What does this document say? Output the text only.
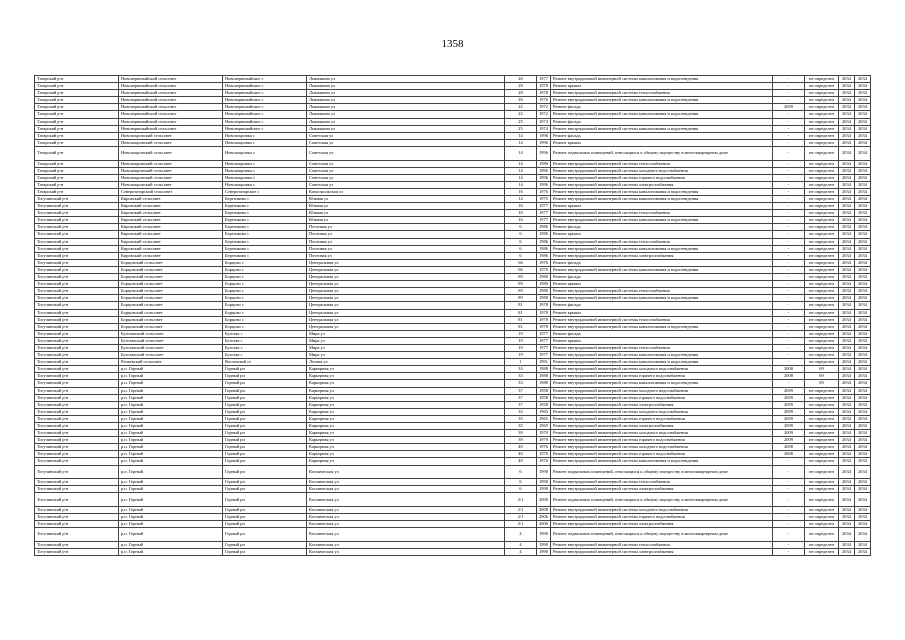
1358
Татарский р-н	Новопервомайский сельсовет	Новопервомайское с	Лыкачкина ул	26	1977	Ремонт внутридомовой инженерной системы канализования и водоотведения	-	не определен	2034	2034
Татарский р-н	Новопервомайский сельсовет	Новопервомайское с	Лыкачкина ул	28	1978	Ремонт крыши	-	не определен	2034	2034
Татарский р-н	Новопервомайский сельсовет	Новопервомайское с	Лыкачкина ул	28	1978	Ремонт внутридомовой инженерной системы теплоснабжения	-	не определен	2034	2034
Татарский р-н	Новопервомайский сельсовет	Новопервомайское с	Лыкачкина ул	26	1976	Ремонт внутридомовой инженерной системы канализования и водоотведения	-	не определен	2034	2034
Татарский р-н	Новопервомайский сельсовет	Новопервомайское с	Лыкачкина ул	22	1972	Ремонт фасада	2009	не определен	2034	2034
Татарский р-н	Новопервомайский сельсовет	Новопервомайское с	Лыкачкина ул	22	1972	Ремонт внутридомовой инженерной системы канализования и водоотведения	-	не определен	2034	2034
Татарский р-н	Новопервомайский сельсовет	Новопервомайское с	Лыкачкина ул	25	1974	Ремонт фасада	-	не определен	2034	2034
Татарский р-н	Новопервомайский сельсовет	Новопервомайское с	Лыкачкина ул	25	1974	Ремонт внутридомовой инженерной системы канализования и водоотведения	-	не определен	2034	2034
Татарский р-н	Новопокровский сельсовет	Новопокровка с	Советская ул	14	1996	Ремонт фасада	-	не определен	2034	2034
Татарский р-н	Новопокровский сельсовет	Новопокровка с	Советская ул	14	1996	Ремонт крыши	-	не определен	2034	2034
Татарский р-н	Новопокровский сельсовет	Новопокровка с	Советская ул	14	1996	Ремонт подвальных помещений, относящихся к общему имуществу в многоквартирном доме	-	не определен	2034	2034
Татарский р-н	Новопокровский сельсовет	Новопокровка с	Советская ул	14	1986	Ремонт внутридомовой инженерной системы теплоснабжения	-	не определен	2034	2034
Татарский р-н	Новопокровский сельсовет	Новопокровка с	Советская ул	14	1996	Ремонт внутридомовой инженерной системы холодного водоснабжения	-	не определен	2034	2034
Татарский р-н	Новопокровский сельсовет	Новопокровка с	Советская ул	14	1996	Ремонт внутридомовой инженерной системы горячего водоснабжения	-	не определен	2034	2034
Татарский р-н	Новопокровский сельсовет	Новопокровка с	Советская ул	14	1996	Ремонт внутридомовой инженерной системы электроснабжения	-	не определен	2034	2034
Татарский р-н	Северотатарский сельсовет	Северотатарское с	Комсомольская ул	16	1976	Ремонт внутридомовой инженерной системы канализования и водоотведения	-	не определен	2034	2034
Тогучинский р-н	Кировский сельсовет	Березиково с	Южная ул	14	1975	Ремонт внутридомовой инженерной системы канализования и водоотведения	-	не определен	2034	2034
Тогучинский р-н	Кировский сельсовет	Березиково с	Южная ул	16	1977	Ремонт крыши	-	не определен	2034	2034
Тогучинский р-н	Кировский сельсовет	Березиково с	Южная ул	16	1977	Ремонт внутридомовой инженерной системы теплоснабжения	-	не определен	2034	2034
Тогучинский р-н	Кировский сельсовет	Березиково с	Южная ул	16	1977	Ремонт внутридомовой инженерной системы канализования и водоотведения	-	не определен	2034	2034
Тогучинский р-н	Кировский сельсовет	Березиково с	Почтовая ул	6	1986	Ремонт фасада	-	не определен	2034	2034
Тогучинский р-н	Кировский сельсовет	Березиково с	Почтовая ул	6	1986	Ремонт крыши	-	не определен	2034	2034
Тогучинский р-н	Кировский сельсовет	Березиково с	Почтовая ул	6	1986	Ремонт внутридомовой инженерной системы теплоснабжения	-	не определен	2034	2034
Тогучинский р-н	Кировский сельсовет	Березиково с	Почтовая ул	6	1986	Ремонт внутридомовой инженерной системы канализования и водоотведения	-	не определен	2034	2034
Тогучинский р-н	Кировский сельсовет	Березиково с	Почтовая ул	6	1986	Ремонт внутридомовой инженерной системы электроснабжения	-	не определен	2034	2034
Тогучинский р-н	Борцовский сельсовет	Борцово с	Центральная ул	66	1976	Ремонт фасада	-	не определен	2034	2034
Тогучинский р-н	Борцовский сельсовет	Борцово с	Центральная ул	66	1976	Ремонт внутридомовой инженерной системы канализования и водоотведения	-	не определен	2034	2034
Тогучинский р-н	Борцовский сельсовет	Борцово с	Центральная ул	89	1980	Ремонт фасада	-	не определен	2034	2034
Тогучинский р-н	Борцовский сельсовет	Борцово с	Центральная ул	89	1980	Ремонт крыши	-	не определен	2034	2034
Тогучинский р-н	Борцовский сельсовет	Борцово с	Центральная ул	89	1980	Ремонт внутридомовой инженерной системы теплоснабжения	-	не определен	2034	2034
Тогучинский р-н	Борцовский сельсовет	Борцово с	Центральная ул	89	1980	Ремонт внутридомовой инженерной системы канализования и водоотведения	-	не определен	2034	2034
Тогучинский р-н	Борцовский сельсовет	Борцово с	Центральная ул	81	1978	Ремонт фасада	-	не определен	2034	2034
Тогучинский р-н	Борцовский сельсовет	Борцово с	Центральная ул	81	1978	Ремонт крыши	-	не определен	2034	2034
Тогучинский р-н	Борцовский сельсовет	Борцово с	Центральная ул	81	1978	Ремонт внутридомовой инженерной системы теплоснабжения	-	не определен	2034	2034
Тогучинский р-н	Борцовский сельсовет	Борцово с	Центральная ул	81	1978	Ремонт внутридомовой инженерной системы канализования и водоотведения	-	не определен	2034	2034
Тогучинский р-н	Буготакский сельсовет	Буготак с	Мира ул	19	1977	Ремонт фасада	-	не определен	2034	2034
Тогучинский р-н	Буготакский сельсовет	Буготак с	Мира ул	19	1977	Ремонт крыши	-	не определен	2034	2034
Тогучинский р-н	Буготакский сельсовет	Буготак с	Мира ул	19	1977	Ремонт внутридомовой инженерной системы теплоснабжения	-	не определен	2034	2034
Тогучинский р-н	Буготакский сельсовет	Буготак с	Мира ул	19	1977	Ремонт внутридомовой инженерной системы канализования и водоотведения	-	не определен	2034	2034
Тогучинский р-н	Репьевский сельсовет	Восточный ст	Лесная ул	1	1991	Ремонт внутридомовой инженерной системы канализования и водоотведения	-	не определен	2034	2034
Тогучинский р-н	р.п. Горный	Горный рп	Карьерная ул	33	1988	Ремонт внутридомовой инженерной системы холодного водоснабжения	2008	69	2034	2034
Тогучинский р-н	р.п. Горный	Горный рп	Карьерная ул	33	1988	Ремонт внутридомовой инженерной системы горячего водоснабжения	2008	69	2034	2034
Тогучинский р-н	р.п. Горный	Горный рп	Карьерная ул	33	1988	Ремонт внутридомовой инженерной системы канализования и водоотведения	-	69	2034	2034
Тогучинский р-н	р.п. Горный	Горный рп	Карьерная ул	37	1958	Ремонт внутридомовой инженерной системы холодного водоснабжения	2009	не определен	2034	2034
Тогучинский р-н	р.п. Горный	Горный рп	Карьерная ул	37	1958	Ремонт внутридомовой инженерной системы горячего водоснабжения	2009	не определен	2034	2034
Тогучинский р-н	р.п. Горный	Горный рп	Карьерная ул	37	1958	Ремонт внутридомовой инженерной системы электроснабжения	2009	не определен	2034	2034
Тогучинский р-н	р.п. Горный	Горный рп	Карьерная ул	35	1965	Ремонт внутридомовой инженерной системы холодного водоснабжения	2009	не определен	2034	2034
Тогучинский р-н	р.п. Горный	Горный рп	Карьерная ул	35	1965	Ремонт внутридомовой инженерной системы горячего водоснабжения	2009	не определен	2034	2034
Тогучинский р-н	р.п. Горный	Горный рп	Карьерная ул	35	1965	Ремонт внутридомовой инженерной системы электроснабжения	2009	не определен	2034	2034
Тогучинский р-н	р.п. Горный	Горный рп	Карьерная ул	39	1970	Ремонт внутридомовой инженерной системы холодного водоснабжения	2009	не определен	2034	2034
Тогучинский р-н	р.п. Горный	Горный рп	Карьерная ул	39	1970	Ремонт внутридомовой инженерной системы горячего водоснабжения	2009	не определен	2034	2034
Тогучинский р-н	р.п. Горный	Горный рп	Карьерная ул	40	1976	Ремонт внутридомовой инженерной системы холодного водоснабжения	2008	не определен	2034	2034
Тогучинский р-н	р.п. Горный	Горный рп	Карьерная ул	40	1976	Ремонт внутридомовой инженерной системы горячего водоснабжения	2008	не определен	2034	2034
Тогучинский р-н	р.п. Горный	Горный рп	Карьерная ул	40	1976	Ремонт внутридомовой инженерной системы канализования и водоотведения	-	не определен	2034	2034
Тогучинский р-н	р.п. Горный	Горный рп	Космическая ул	6	1990	Ремонт подвальных помещений, относящихся к общему имуществу в многоквартирном доме	-	не определен	2034	2034
Тогучинский р-н	р.п. Горный	Горный рп	Космическая ул	6	1990	Ремонт внутридомовой инженерной системы теплоснабжения	-	не определен	2034	2034
Тогучинский р-н	р.п. Горный	Горный рп	Космическая ул	6	1990	Ремонт внутридомовой инженерной системы электроснабжения	-	не определен	2034	2034
Тогучинский р-н	р.п. Горный	Горный рп	Космическая ул	2/1	2006	Ремонт подвальных помещений, относящихся к общему имуществу в многоквартирном доме	-	не определен	2034	2034
Тогучинский р-н	р.п. Горный	Горный рп	Космическая ул	2/1	2008	Ремонт внутридомовой инженерной системы холодного водоснабжения	-	не определен	2034	2034
Тогучинский р-н	р.п. Горный	Горный рп	Космическая ул	2/1	2006	Ремонт внутридомовой инженерной системы горячего водоснабжения	-	не определен	2034	2034
Тогучинский р-н	р.п. Горный	Горный рп	Космическая ул	2/1	2006	Ремонт внутридомовой инженерной системы электроснабжения	-	не определен	2034	2034
Тогучинский р-н	р.п. Горный	Горный рп	Космическая ул	4	1990	Ремонт подвальных помещений, относящихся к общему имуществу в многоквартирном доме	-	не определен	2034	2034
Тогучинский р-н	р.п. Горный	Горный рп	Космическая ул	4	1990	Ремонт внутридомовой инженерной системы теплоснабжения	-	не определен	2034	2034
Тогучинский р-н	р.п. Горный	Горный рп	Космическая ул	4	1990	Ремонт внутридомовой инженерной системы электроснабжения	-	не определен	2034	2034
